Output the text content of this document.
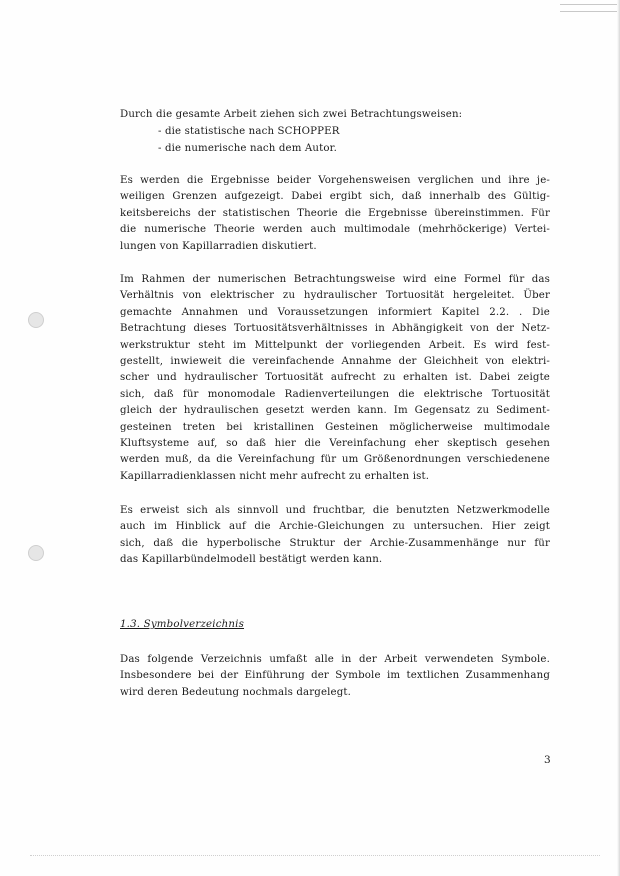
Durch die gesamte Arbeit ziehen sich zwei Betrachtungsweisen:
- die statistische nach SCHOPPER
- die numerische nach dem Autor.

Es werden die Ergebnisse beider Vorgehensweisen verglichen und ihre je-
weiligen Grenzen aufgezeigt. Dabei ergibt sich, daß innerhalb des Gültig-
keitsbereichs der statistischen Theorie die Ergebnisse übereinstimmen. Für
die numerische Theorie werden auch multimodale (mehrhöckerige) Vertei-
lungen von Kapillarradien diskutiert.

Im Rahmen der numerischen Betrachtungsweise wird eine Formel für das
Verhältnis von elektrischer zu hydraulischer Tortuosität hergeleitet. Über
gemachte Annahmen und Voraussetzungen informiert Kapitel 2.2. . Die
Betrachtung dieses Tortuositätsverhältnisses in Abhängigkeit von der Netz-
werkstruktur steht im Mittelpunkt der vorliegenden Arbeit. Es wird fest-
gestellt, inwieweit die vereinfachende Annahme der Gleichheit von elektri-
scher und hydraulischer Tortuosität aufrecht zu erhalten ist. Dabei zeigte
sich, daß für monomodale Radienverteilungen die elektrische Tortuosität
gleich der hydraulischen gesetzt werden kann. Im Gegensatz zu Sediment-
gesteinen treten bei kristallinen Gesteinen möglicherweise multimodale
Kluftsysteme auf, so daß hier die Vereinfachung eher skeptisch gesehen
werden muß, da die Vereinfachung für um Größenordnungen verschiedenene
Kapillarradienklassen nicht mehr aufrecht zu erhalten ist.

Es erweist sich als sinnvoll und fruchtbar, die benutzten Netzwerkmodelle
auch im Hinblick auf die Archie-Gleichungen zu untersuchen. Hier zeigt
sich, daß die hyperbolische Struktur der Archie-Zusammenhänge nur für
das Kapillarbündelmodell bestätigt werden kann.

1.3. Symbolverzeichnis

Das folgende Verzeichnis umfaßt alle in der Arbeit verwendeten Symbole.
Insbesondere bei der Einführung der Symbole im textlichen Zusammenhang
wird deren Bedeutung nochmals dargelegt.

3
